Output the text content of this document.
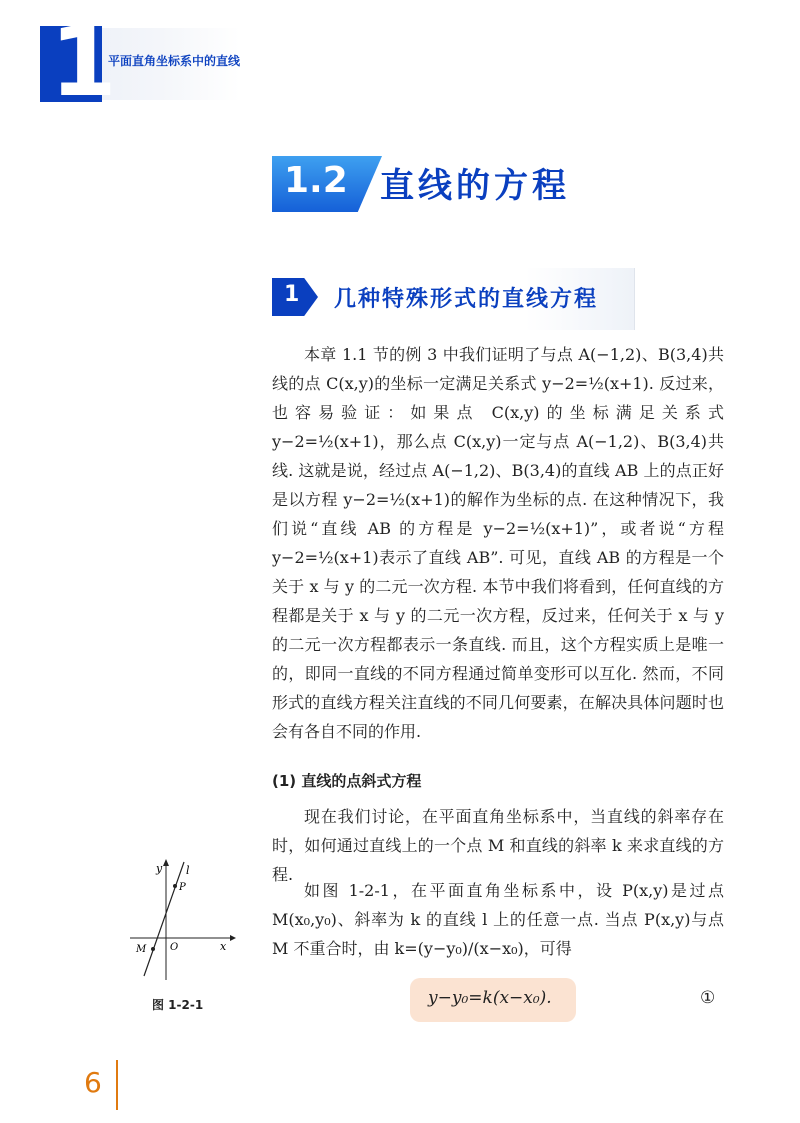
1
平面直角坐标系中的直线
1.2 直线的方程
1 几种特殊形式的直线方程

本章 1.1 节的例 3 中我们证明了与点 A(−1,2)、B(3,4)共线的点 C(x,y)的坐标一定满足关系式 y−2=½(x+1). 反过来，也容易验证：如果点 C(x,y)的坐标满足关系式 y−2=½(x+1)，那么点 C(x,y)一定与点 A(−1,2)、B(3,4)共线. 这就是说，经过点 A(−1,2)、B(3,4)的直线 AB 上的点正好是以方程 y−2=½(x+1)的解作为坐标的点. 在这种情况下，我们说“直线 AB 的方程是 y−2=½(x+1)”，或者说“方程 y−2=½(x+1)表示了直线 AB”. 可见，直线 AB 的方程是一个关于 x 与 y 的二元一次方程. 本节中我们将看到，任何直线的方程都是关于 x 与 y 的二元一次方程，反过来，任何关于 x 与 y 的二元一次方程都表示一条直线. 而且，这个方程实质上是唯一的，即同一直线的不同方程通过简单变形可以互化. 然而，不同形式的直线方程关注直线的不同几何要素，在解决具体问题时也会有各自不同的作用.

(1) 直线的点斜式方程

现在我们讨论，在平面直角坐标系中，当直线的斜率存在时，如何通过直线上的一个点 M 和直线的斜率 k 来求直线的方程.

如图 1-2-1，在平面直角坐标系中，设 P(x,y)是过点 M(x₀,y₀)、斜率为 k 的直线 l 上的任意一点. 当点 P(x,y)与点 M 不重合时，由 k=(y−y₀)/(x−x₀)，可得

y
x
O
l
P
M
图 1-2-1	y−y₀=k(x−x₀).	①
6
